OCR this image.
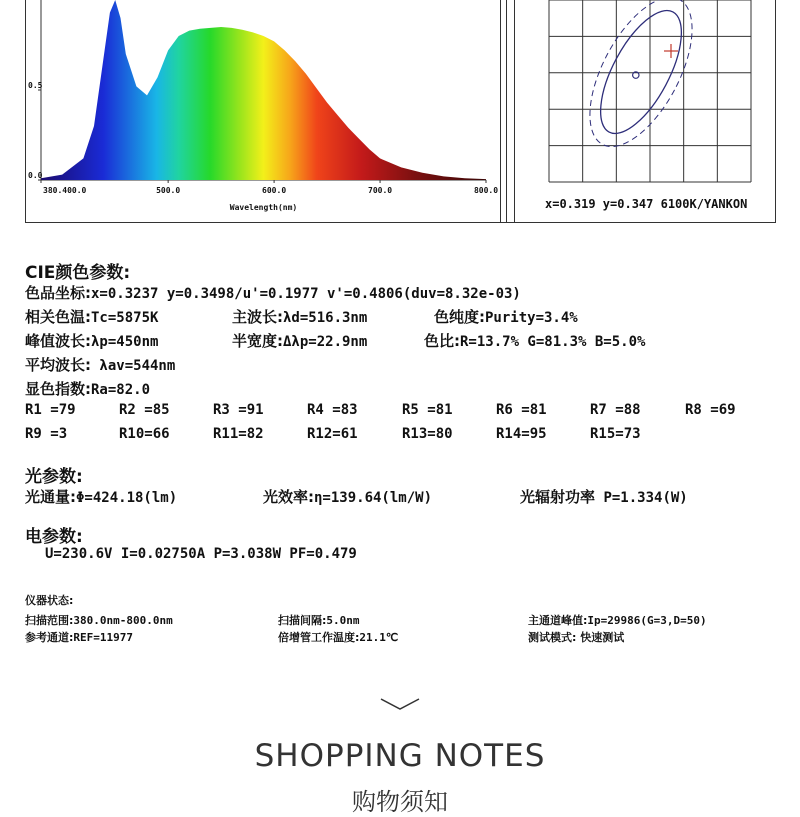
380.400.0	500.0	600.0	700.0	800.0
0.0
0.5
Wavelength(nm)	x=0.319 y=0.347 6100K/YANKON
CIE颜色参数:
色品坐标:x=0.3237 y=0.3498/u'=0.1977 v'=0.4806(duv=8.32e-03)
相关色温:Tc=5875K	主波长:λd=516.3nm	色纯度:Purity=3.4%
峰值波长:λp=450nm	半宽度:Δλp=22.9nm	色比:R=13.7% G=81.3% B=5.0%
平均波长: λav=544nm
显色指数:Ra=82.0
R1 =79	R2 =85	R3 =91	R4 =83	R5 =81	R6 =81	R7 =88	R8 =69
R9 =3	R10=66	R11=82	R12=61	R13=80	R14=95	R15=73
光参数:
光通量:Φ=424.18(lm)	光效率:η=139.64(lm/W)	光辐射功率 P=1.334(W)
电参数:
U=230.6V I=0.02750A P=3.038W PF=0.479
仪器状态:
扫描范围:380.0nm-800.0nm	扫描间隔:5.0nm	主通道峰值:Ip=29986(G=3,D=50)
参考通道:REF=11977	倍增管工作温度:21.1℃	测试模式: 快速测试
SHOPPING NOTES
购物须知
